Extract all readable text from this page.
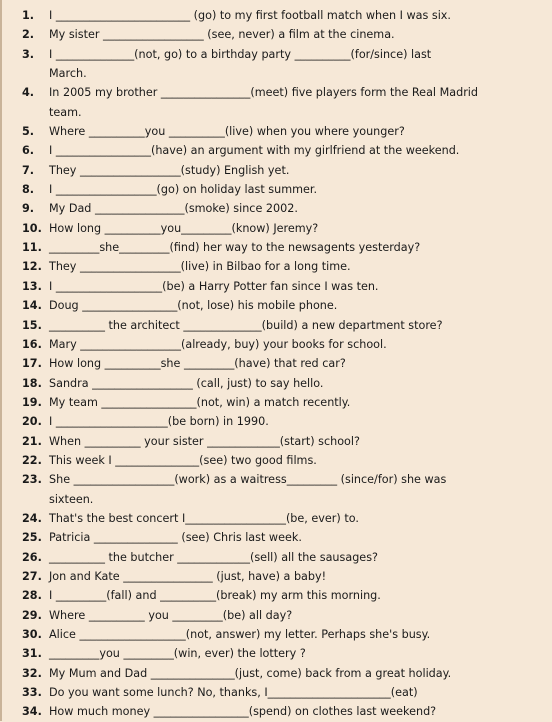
1.	I ________________________ (go) to my first football match when I was six.
2.	My sister __________________ (see, never) a film at the cinema.
3.	I ______________(not, go) to a birthday party __________(for/since) last
March.
4.	In 2005 my brother ________________(meet) five players form the Real Madrid
team.
5.	Where __________you __________(live) when you where younger?
6.	I _________________(have) an argument with my girlfriend at the weekend.
7.	They __________________(study) English yet.
8.	I __________________(go) on holiday last summer.
9.	My Dad ________________(smoke) since 2002.
10. How long __________you_________(know) Jeremy?
11. _________she_________(find) her way to the newsagents yesterday?
12. They __________________(live) in Bilbao for a long time.
13. I ___________________(be) a Harry Potter fan since I was ten.
14. Doug _________________(not, lose) his mobile phone.
15. __________ the architect ______________(build) a new department store?
16. Mary __________________(already, buy) your books for school.
17. How long __________she _________(have) that red car?
18. Sandra __________________ (call, just) to say hello.
19. My team _________________(not, win) a match recently.
20. I ____________________(be born) in 1990.
21. When __________ your sister _____________(start) school?
22. This week I _______________(see) two good films.
23. She __________________(work) as a waitress_________ (since/for) she was
sixteen.
24. That's the best concert I__________________(be, ever) to.
25. Patricia _______________ (see) Chris last week.
26. __________ the butcher _____________(sell) all the sausages?
27. Jon and Kate ________________ (just, have) a baby!
28. I _________(fall) and __________(break) my arm this morning.
29. Where __________ you _________(be) all day?
30. Alice ___________________(not, answer) my letter. Perhaps she's busy.
31. _________you _________(win, ever) the lottery ?
32. My Mum and Dad _______________(just, come) back from a great holiday.
33. Do you want some lunch? No, thanks, I______________________(eat)
34. How much money _________________(spend) on clothes last weekend?
